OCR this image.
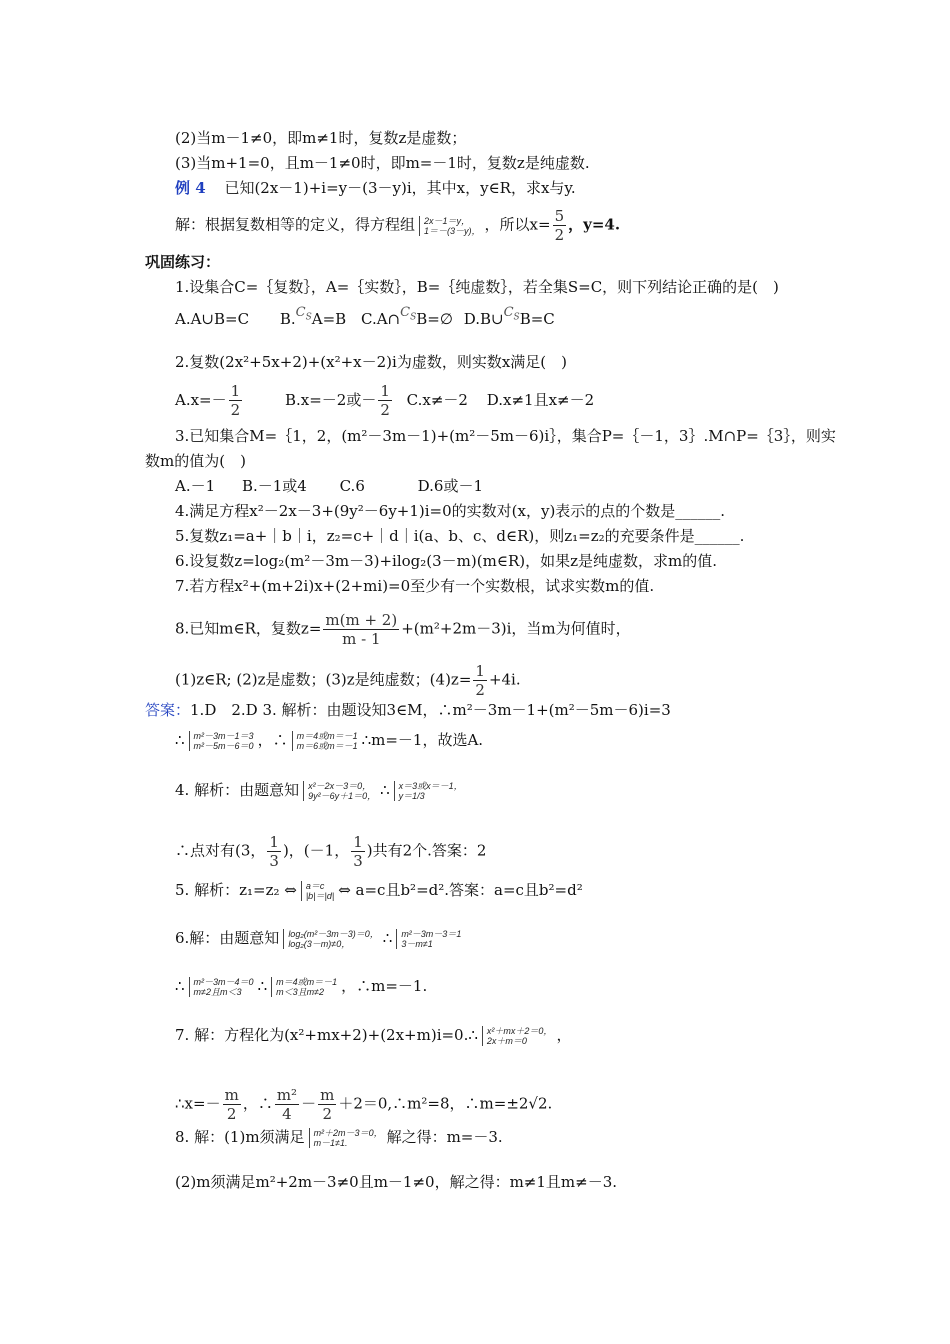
(2)当m－1≠0，即m≠1时，复数z是虚数；
(3)当m+1=0，且m－1≠0时，即m=－1时，复数z是纯虚数.
例 4 已知(2x－1)+i=y－(3－y)i，其中x，y∈R，求x与y.
解：根据复数相等的定义，得方程组 2x－1＝y，
1＝－(3－y)， ，所以$x= \frac{5}{2}$ ，y=4.
巩固练习：
1.设集合C=｛复数｝，A=｛实数｝，B=｛纯虚数｝，若全集S=C，则下列结论正确的是(　)
A.A∪B=C $B.C_SA=B$ $C.A\cap C_SB=\emptyset$ $D.B\cup C_SB=C$
2.复数(2x²+5x+2)+(x²+x－2)i为虚数，则实数x满足(　)
$A.x=- \frac{1}{2}$	B.x=－2或－ $\frac{1}{2} C.x\ne-2$ D.x≠1且x≠－2
3.已知集合M=｛1，2，(m²－3m－1)+(m²－5m－6)i｝，集合P=｛－1，3｝.M∩P=｛3｝，则实
数m的值为(　)
A.－1 B.－1或4 C.6	D.6或－1
4.满足方程x²－2x－3+(9y²－6y+1)i=0的实数对(x，y)表示的点的个数是______.
5.复数z₁=a+｜b｜i，z₂=c+｜d｜i(a、b、c、d∈R)，则z₁=z₂的充要条件是______.
6.设复数z=log₂(m²－3m－3)+ilog₂(3－m)(m∈R)，如果z是纯虚数，求m的值.
7.若方程x²+(m+2i)x+(2+mi)=0至少有一个实数根，试求实数m的值.
8.已知m∈R，复数$z= \frac{m(m + 2)}{m - 1} +(m^2+2m-3)i$，当m为何值时，
(1)z∈R; (2)z是虚数；(3)z是纯虚数；$(4)z= \frac{1}{2} +4i$.
答案：1.D　2.D 3. 解析：由题设知3∈M，∴m²－3m－1+(m²－5m－6)i=3
∴ m²－3m－1＝3
m²－5m－6＝0 ，∴ m＝4或m＝－1
m＝6或m＝－1 ∴m=－1，故选A.
4. 解析：由题意知 x²－2x－3＝0，
9y²－6y＋1＝0， ∴ x＝3或x＝－1，
y＝1/3
∴点对有(3， $\frac{1}{3}$ )，(－1， $\frac{1}{3}$ )共有2个.答案：2
5. 解析：z₁=z₂ ⇔ a＝c
|b|＝|d| ⇔ a=c且b²=d².答案：a=c且b²=d²
6.解：由题意知 log₂(m²－3m－3)＝0，
log₂(3－m)≠0， ∴ m²－3m－3＝1
3－m≠1
∴ m²－3m－4＝0
m≠2且m＜3 ∴ m＝4或m＝－1
m＜3且m≠2 ，∴m=－1.
7. 解：方程化为(x²+mx+2)+(2x+m)i=0.∴ x²＋mx＋2＝0，
2x＋m＝0 ，
∴x=－ $\frac{m}{2}$ ，∴ $\frac{\text{m²}}{4} - \frac{m}{2}$ ＋2＝0,∴m²=8，∴m=±2√2.
8. 解：(1)m须满足 m²＋2m－3＝0，
m－1≠1.	解之得：m=－3.
(2)m须满足m²+2m－3≠0且m－1≠0，解之得：m≠1且m≠－3.
